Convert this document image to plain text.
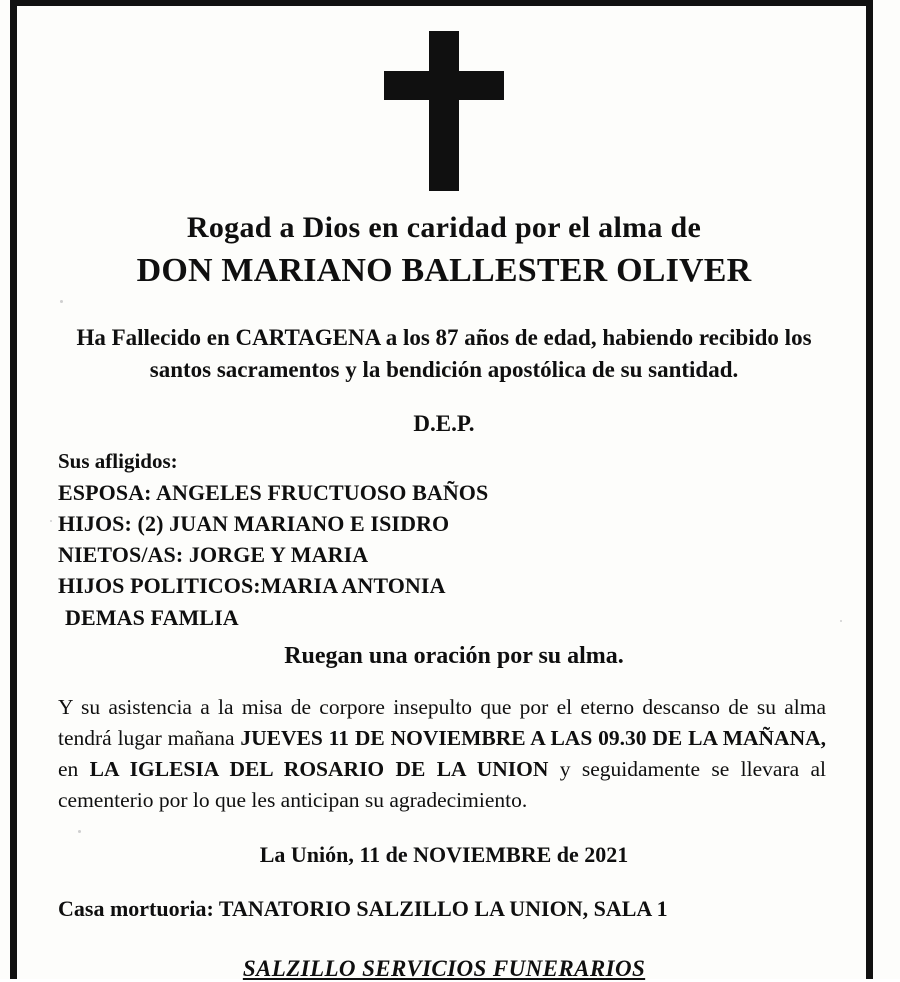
Rogad a Dios en caridad por el alma de
DON MARIANO BALLESTER OLIVER
Ha Fallecido en CARTAGENA a los 87 años de edad, habiendo recibido los santos sacramentos y la bendición apostólica de su santidad.
D.E.P.
Sus afligidos:
ESPOSA: ANGELES FRUCTUOSO BAÑOS
HIJOS: (2) JUAN MARIANO E ISIDRO
NIETOS/AS: JORGE Y MARIA
HIJOS POLITICOS:MARIA ANTONIA
DEMAS FAMLIA
Ruegan una oración por su alma.
Y su asistencia a la misa de corpore insepulto que por el eterno descanso de su alma tendrá lugar mañana JUEVES 11 DE NOVIEMBRE A LAS 09.30 DE LA MAÑANA, en LA IGLESIA DEL ROSARIO DE LA UNION y seguidamente se llevara al cementerio por lo que les anticipan su agradecimiento.
La Unión, 11 de NOVIEMBRE de 2021
Casa mortuoria: TANATORIO SALZILLO LA UNION, SALA 1
SALZILLO SERVICIOS FUNERARIOS
